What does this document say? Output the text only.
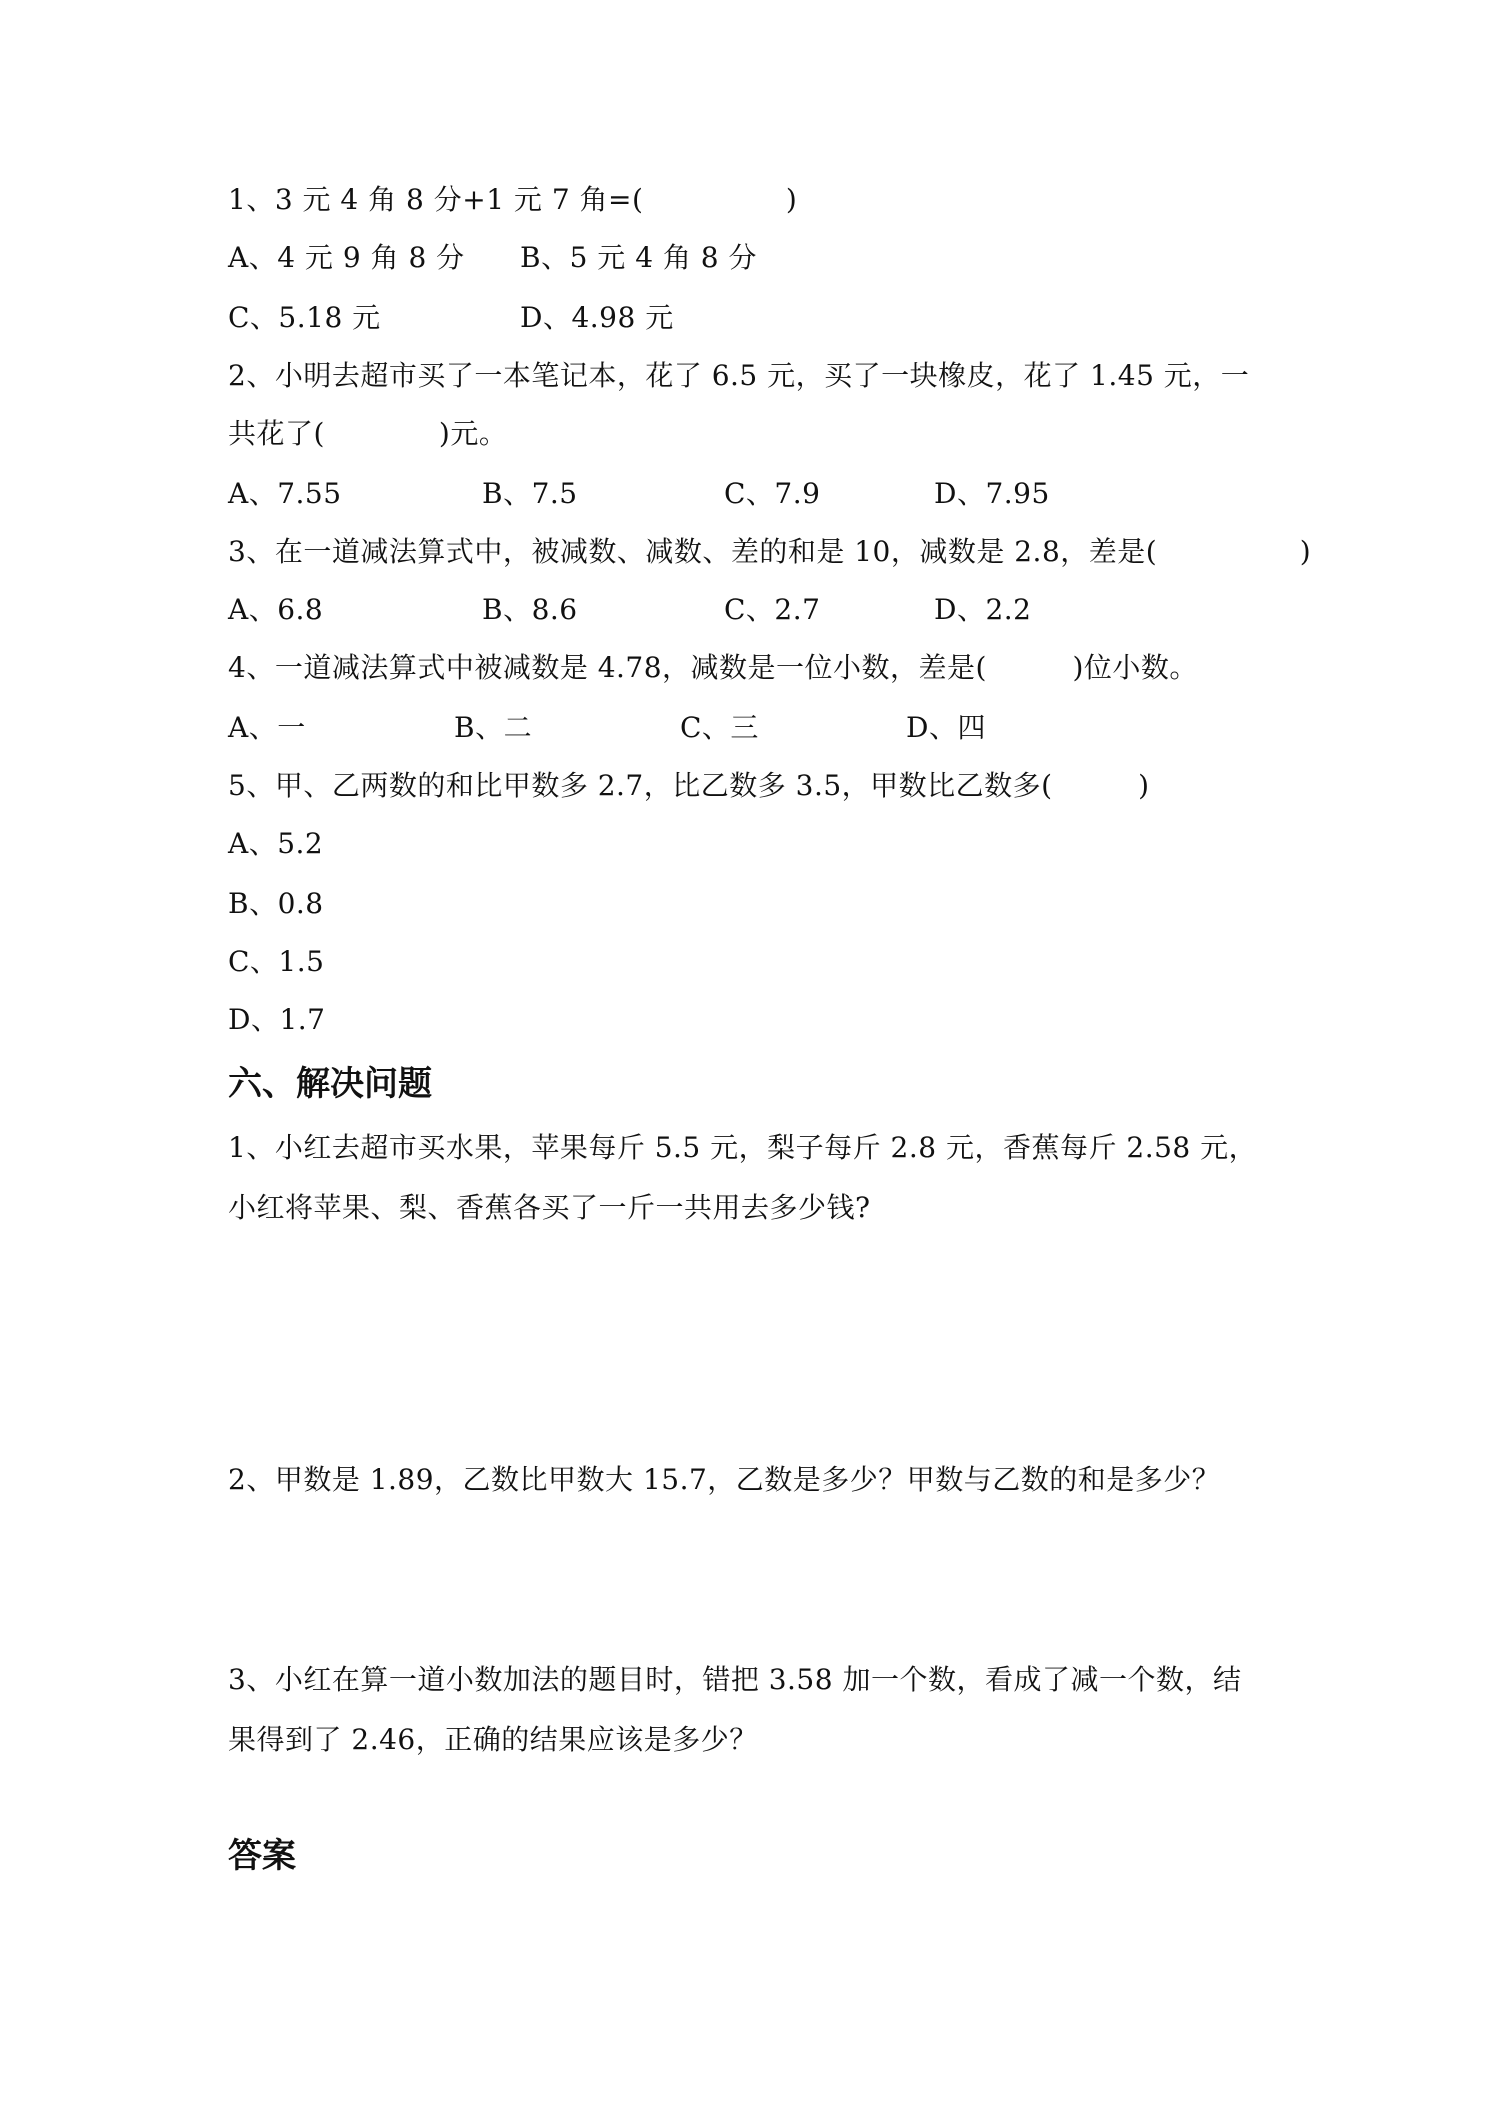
1、3 元 4 角 8 分+1 元 7 角=(　　　　　)
A、4 元 9 角 8 分 B、5 元 4 角 8 分
C、5.18 元	D、4.98 元
2、小明去超市买了一本笔记本，花了 6.5 元，买了一块橡皮，花了 1.45 元，一
共花了(　　　　)元。
A、7.55	B、7.5	C、7.9	D、7.95
3、在一道减法算式中，被减数、减数、差的和是 10，减数是 2.8，差是(　　　　　)
A、6.8	B、8.6	C、2.7	D、2.2
4、一道减法算式中被减数是 4.78，减数是一位小数，差是(　　　)位小数。
A、一	B、二	C、三	D、四
5、甲、乙两数的和比甲数多 2.7，比乙数多 3.5，甲数比乙数多(　　　)
A、5.2
B、0.8
C、1.5
D、1.7
六、解决问题
1、小红去超市买水果，苹果每斤 5.5 元，梨子每斤 2.8 元，香蕉每斤 2.58 元，
小红将苹果、梨、香蕉各买了一斤一共用去多少钱?
2、甲数是 1.89，乙数比甲数大 15.7，乙数是多少？甲数与乙数的和是多少？
3、小红在算一道小数加法的题目时，错把 3.58 加一个数，看成了减一个数，结
果得到了 2.46，正确的结果应该是多少？
答案
